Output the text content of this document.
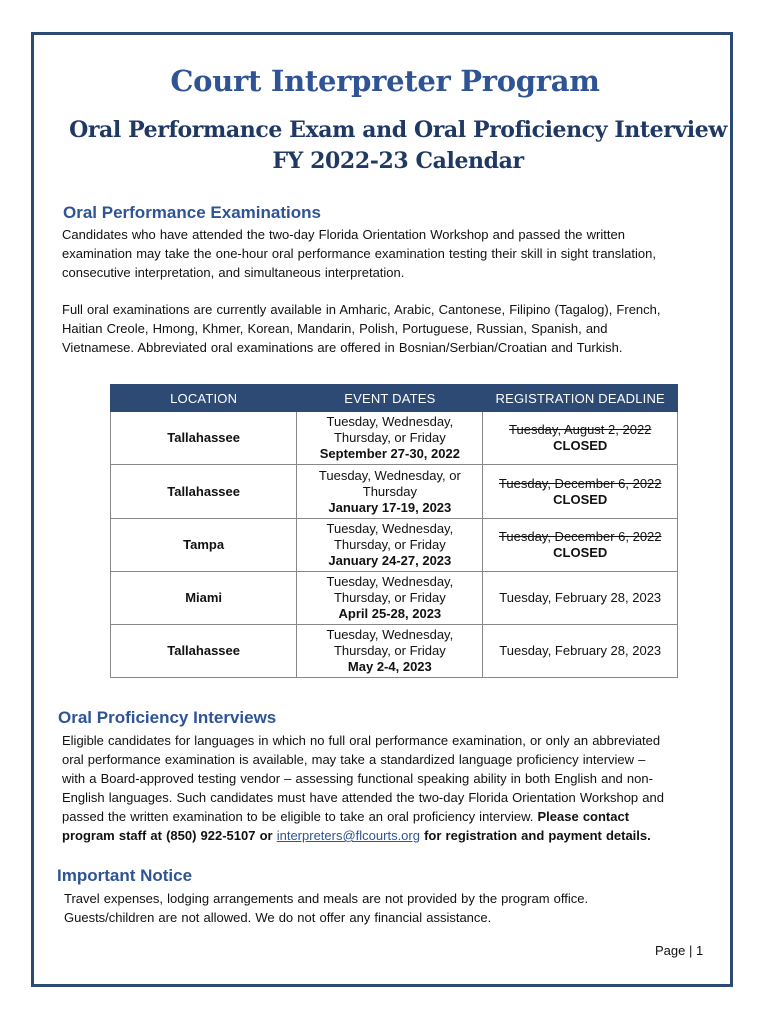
Court Interpreter Program
Oral Performance Exam and Oral Proficiency Interview
FY 2022-23 Calendar
Oral Performance Examinations
Candidates who have attended the two-day Florida Orientation Workshop and passed the written
examination may take the one-hour oral performance examination testing their skill in sight translation,
consecutive interpretation, and simultaneous interpretation.
Full oral examinations are currently available in Amharic, Arabic, Cantonese, Filipino (Tagalog), French,
Haitian Creole, Hmong, Khmer, Korean, Mandarin, Polish, Portuguese, Russian, Spanish, and
Vietnamese. Abbreviated oral examinations are offered in Bosnian/Serbian/Croatian and Turkish.
LOCATION	EVENT DATES	REGISTRATION DEADLINE
Tallahassee	Tuesday, Wednesday,
Thursday, or Friday
September 27-30, 2022	Tuesday, August 2, 2022
CLOSED

Tallahassee	Tuesday, Wednesday, or
Thursday
January 17-19, 2023	Tuesday, December 6, 2022
CLOSED

Tampa	Tuesday, Wednesday,
Thursday, or Friday
January 24-27, 2023	Tuesday, December 6, 2022
CLOSED

Miami	Tuesday, Wednesday,
Thursday, or Friday
April 25-28, 2023	Tuesday, February 28, 2023
Tallahassee	Tuesday, Wednesday,
Thursday, or Friday
May 2-4, 2023	Tuesday, February 28, 2023
Oral Proficiency Interviews
Eligible candidates for languages in which no full oral performance examination, or only an abbreviated
oral performance examination is available, may take a standardized language proficiency interview –
with a Board-approved testing vendor – assessing functional speaking ability in both English and non-
English languages. Such candidates must have attended the two-day Florida Orientation Workshop and
passed the written examination to be eligible to take an oral proficiency interview. Please contact
program staff at (850) 922-5107 or interpreters@flcourts.org for registration and payment details.
Important Notice
Travel expenses, lodging arrangements and meals are not provided by the program office.
Guests/children are not allowed. We do not offer any financial assistance.
Page | 1
